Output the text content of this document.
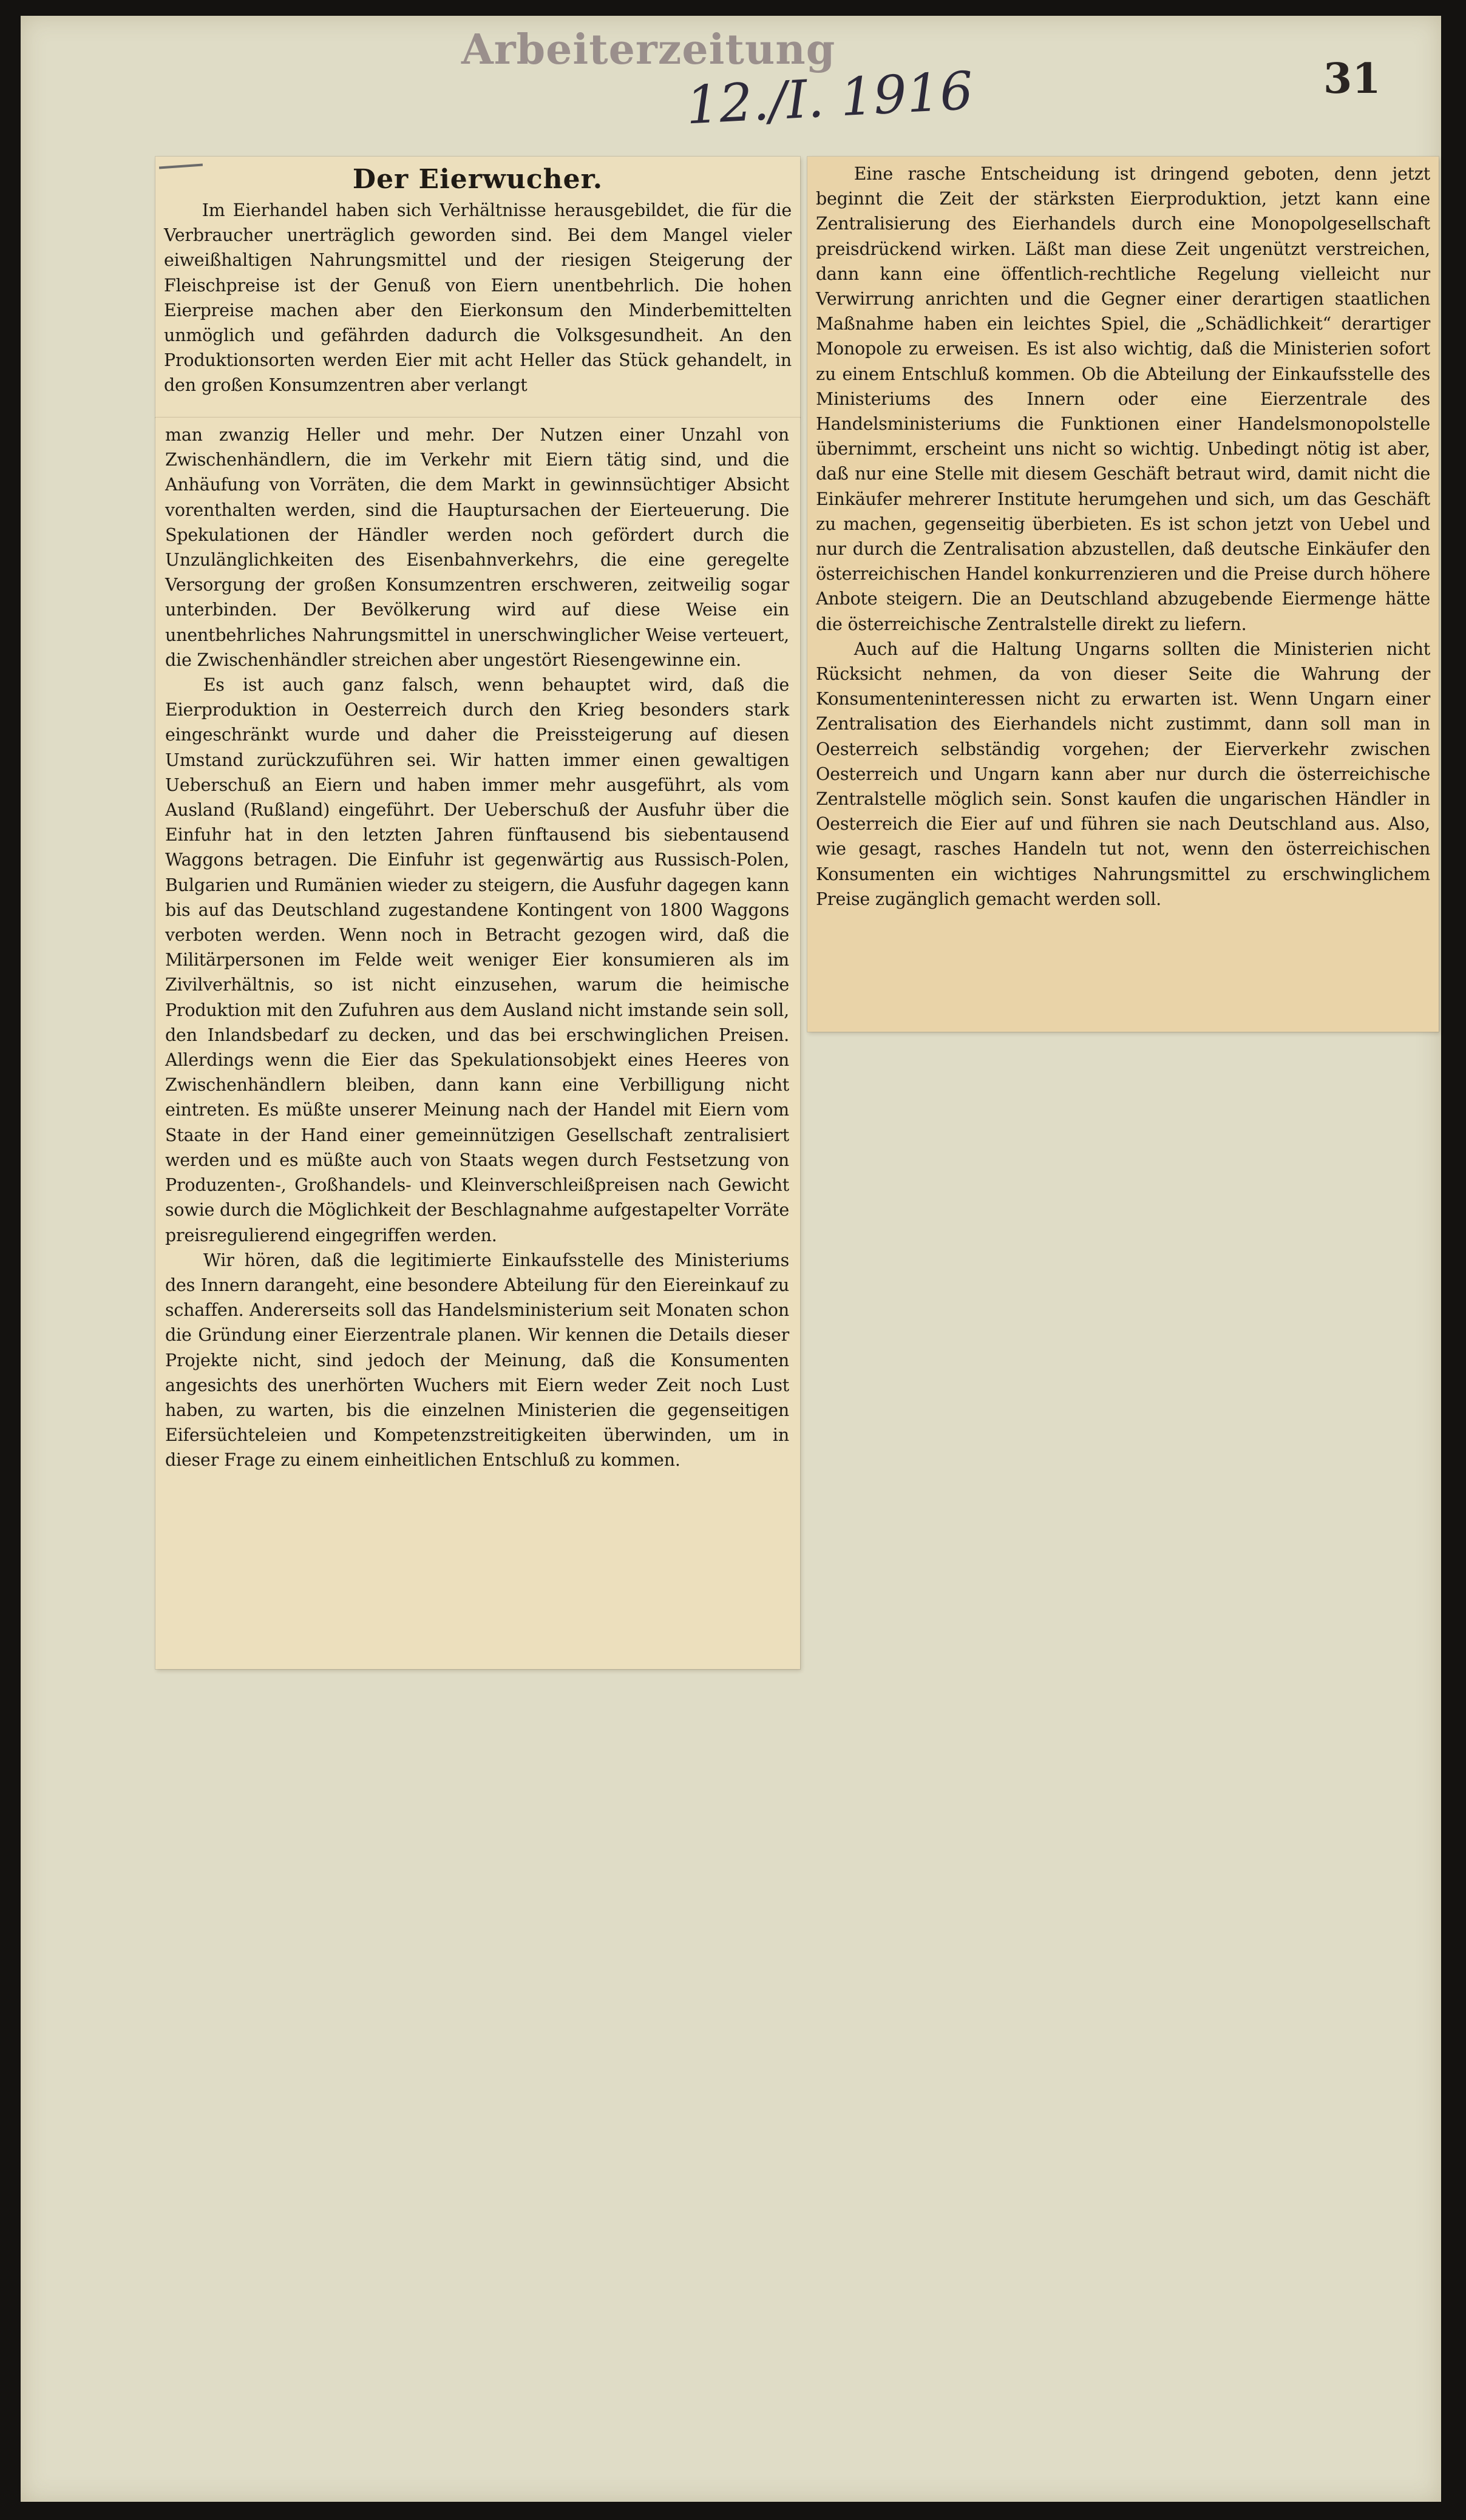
Arbeiterzeitung
12./I. 1916	31
Der Eierwucher.

Im Eierhandel haben sich Verhältnisse herausgebildet, die für die Verbraucher unerträglich geworden sind. Bei dem Mangel vieler eiweißhaltigen Nahrungsmittel und der riesigen Steigerung der Fleischpreise ist der Genuß von Eiern unentbehrlich. Die hohen Eierpreise machen aber den Eierkonsum den Minderbemittelten unmöglich und gefährden dadurch die Volksgesundheit. An den Produktionsorten werden Eier mit acht Heller das Stück gehandelt, in den großen Konsumzentren aber verlangt

man zwanzig Heller und mehr. Der Nutzen einer Unzahl von Zwischenhändlern, die im Verkehr mit Eiern tätig sind, und die Anhäufung von Vorräten, die dem Markt in gewinnsüchtiger Absicht vorenthalten werden, sind die Hauptursachen der Eierteuerung. Die Spekulationen der Händler werden noch gefördert durch die Unzulänglichkeiten des Eisenbahnverkehrs, die eine geregelte Versorgung der großen Konsumzentren erschweren, zeitweilig sogar unterbinden. Der Bevölkerung wird auf diese Weise ein unentbehrliches Nahrungsmittel in unerschwinglicher Weise verteuert, die Zwischenhändler streichen aber ungestört Riesengewinne ein.

Es ist auch ganz falsch, wenn behauptet wird, daß die Eierproduktion in Oesterreich durch den Krieg besonders stark eingeschränkt wurde und daher die Preissteigerung auf diesen Umstand zurückzuführen sei. Wir hatten immer einen gewaltigen Ueberschuß an Eiern und haben immer mehr ausgeführt, als vom Ausland (Rußland) eingeführt. Der Ueberschuß der Ausfuhr über die Einfuhr hat in den letzten Jahren fünftausend bis siebentausend Waggons betragen. Die Einfuhr ist gegenwärtig aus Russisch-Polen, Bulgarien und Rumänien wieder zu steigern, die Ausfuhr dagegen kann bis auf das Deutschland zugestandene Kontingent von 1800 Waggons verboten werden. Wenn noch in Betracht gezogen wird, daß die Militärpersonen im Felde weit weniger Eier konsumieren als im Zivilverhältnis, so ist nicht einzusehen, warum die heimische Produktion mit den Zufuhren aus dem Ausland nicht imstande sein soll, den Inlandsbedarf zu decken, und das bei erschwinglichen Preisen. Allerdings wenn die Eier das Spekulationsobjekt eines Heeres von Zwischenhändlern bleiben, dann kann eine Verbilligung nicht eintreten. Es müßte unserer Meinung nach der Handel mit Eiern vom Staate in der Hand einer gemeinnützigen Gesellschaft zentralisiert werden und es müßte auch von Staats wegen durch Festsetzung von Produzenten-, Großhandels- und Kleinverschleißpreisen nach Gewicht sowie durch die Möglichkeit der Beschlagnahme aufgestapelter Vorräte preisregulierend eingegriffen werden.

Wir hören, daß die legitimierte Einkaufsstelle des Ministeriums des Innern darangeht, eine besondere Abteilung für den Eiereinkauf zu schaffen. Andererseits soll das Handelsministerium seit Monaten schon die Gründung einer Eierzentrale planen. Wir kennen die Details dieser Projekte nicht, sind jedoch der Meinung, daß die Konsumenten angesichts des unerhörten Wuchers mit Eiern weder Zeit noch Lust haben, zu warten, bis die einzelnen Ministerien die gegenseitigen Eifersüchteleien und Kompetenzstreitigkeiten überwinden, um in dieser Frage zu einem einheitlichen Entschluß zu kommen.

Eine rasche Entscheidung ist dringend geboten, denn jetzt beginnt die Zeit der stärksten Eierproduktion, jetzt kann eine Zentralisierung des Eierhandels durch eine Monopolgesellschaft preisdrückend wirken. Läßt man diese Zeit ungenützt verstreichen, dann kann eine öffentlich-rechtliche Regelung vielleicht nur Verwirrung anrichten und die Gegner einer derartigen staatlichen Maßnahme haben ein leichtes Spiel, die „Schädlichkeit“ derartiger Monopole zu erweisen. Es ist also wichtig, daß die Ministerien sofort zu einem Entschluß kommen. Ob die Abteilung der Einkaufsstelle des Ministeriums des Innern oder eine Eierzentrale des Handelsministeriums die Funktionen einer Handelsmonopolstelle übernimmt, erscheint uns nicht so wichtig. Unbedingt nötig ist aber, daß nur eine Stelle mit diesem Geschäft betraut wird, damit nicht die Einkäufer mehrerer Institute herumgehen und sich, um das Geschäft zu machen, gegenseitig überbieten. Es ist schon jetzt von Uebel und nur durch die Zentralisation abzustellen, daß deutsche Einkäufer den österreichischen Handel konkurrenzieren und die Preise durch höhere Anbote steigern. Die an Deutschland abzugebende Eiermenge hätte die österreichische Zentralstelle direkt zu liefern.

Auch auf die Haltung Ungarns sollten die Ministerien nicht Rücksicht nehmen, da von dieser Seite die Wahrung der Konsumenteninteressen nicht zu erwarten ist. Wenn Ungarn einer Zentralisation des Eierhandels nicht zustimmt, dann soll man in Oesterreich selbständig vorgehen; der Eierverkehr zwischen Oesterreich und Ungarn kann aber nur durch die österreichische Zentralstelle möglich sein. Sonst kaufen die ungarischen Händler in Oesterreich die Eier auf und führen sie nach Deutschland aus. Also, wie gesagt, rasches Handeln tut not, wenn den österreichischen Konsumenten ein wichtiges Nahrungsmittel zu erschwinglichem Preise zugänglich gemacht werden soll.
